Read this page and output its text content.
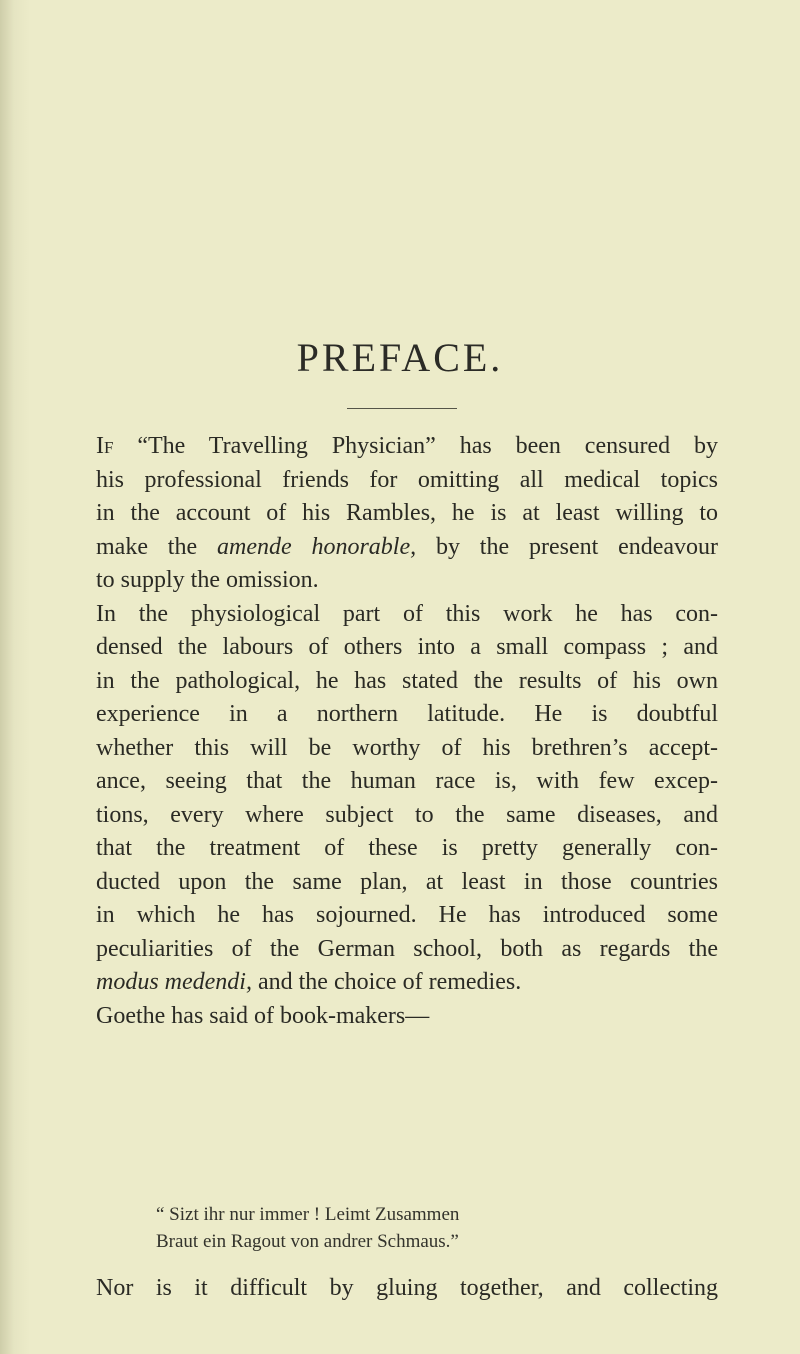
PREFACE.
If “The Travelling Physician” has been censured by
his professional friends for omitting all medical topics
in the account of his Rambles, he is at least willing to
make the amende honorable, by the present endeavour
to supply the omission.
In the physiological part of this work he has con-
densed the labours of others into a small compass ; and
in the pathological, he has stated the results of his own
experience in a northern latitude. He is doubtful
whether this will be worthy of his brethren’s accept-
ance, seeing that the human race is, with few excep-
tions, every where subject to the same diseases, and
that the treatment of these is pretty generally con-
ducted upon the same plan, at least in those countries
in which he has sojourned. He has introduced some
peculiarities of the German school, both as regards the
modus medendi, and the choice of remedies.
Goethe has said of book-makers—
“ Sizt ihr nur immer ! Leimt Zusammen
Braut ein Ragout von andrer Schmaus.”
Nor is it difficult by gluing together, and collecting
